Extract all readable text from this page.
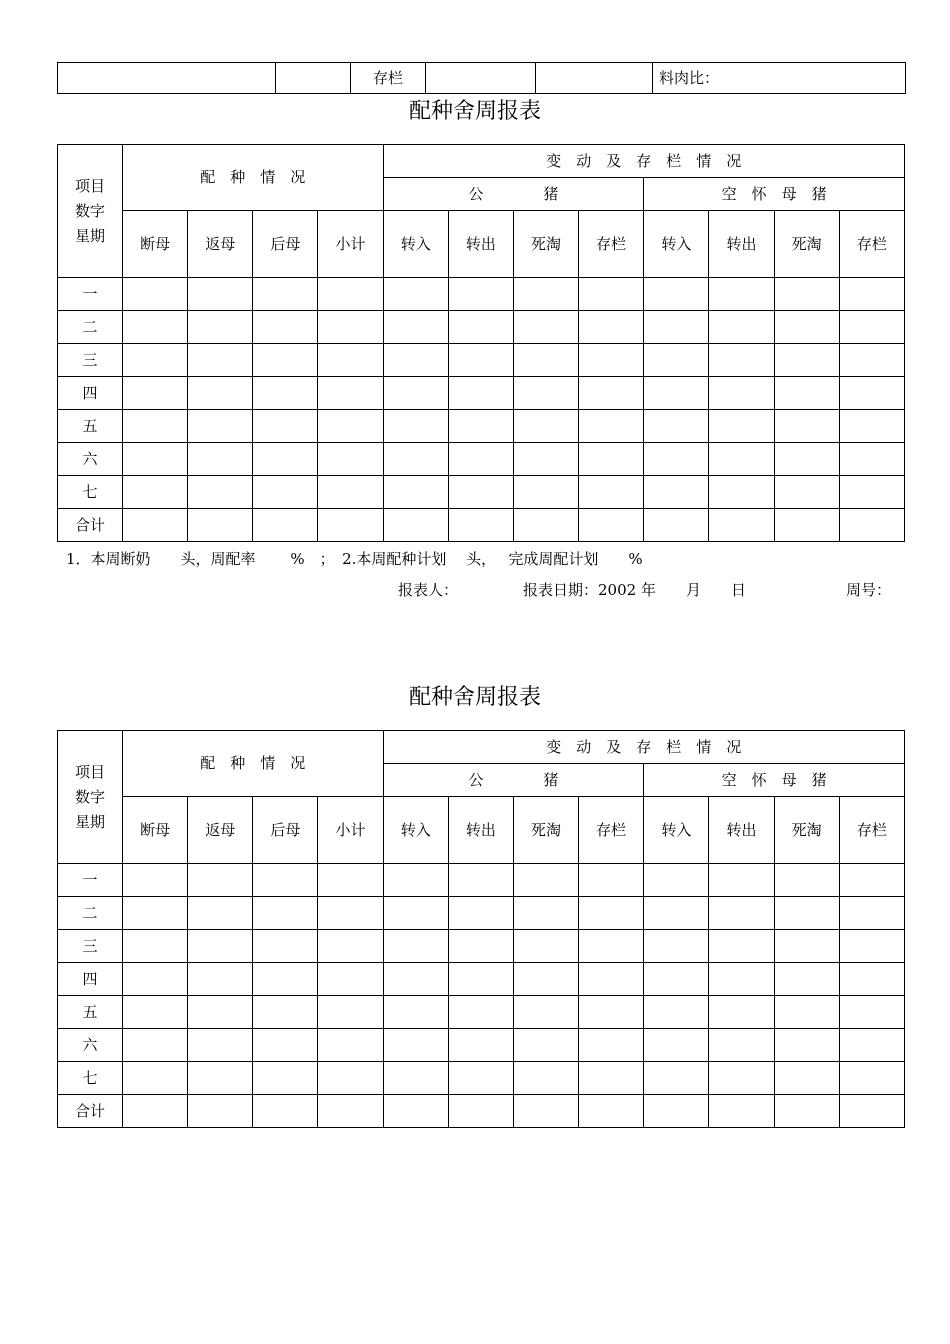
		存栏			料肉比：
配种舍周报表
项目
数字
星期	配　种　情　况				变　动　及　存　栏　情　况							
					公　　　　猪				空　怀　母　猪			
	断母	返母	后母	小计	转入	转出	死淘	存栏	转入	转出	死淘	存栏
一												
二												
三												
四												
五												
六												
七												
合计												
1．本周断奶　　头，周配率　　 %　；　2.本周配种计划　 头，　 完成周配计划　　%
报表人：	报表日期：2002 年　　月　　日	周号：
配种舍周报表
项目
数字
星期	配　种　情　况				变　动　及　存　栏　情　况							
					公　　　　猪				空　怀　母　猪			
	断母	返母	后母	小计	转入	转出	死淘	存栏	转入	转出	死淘	存栏
一												
二												
三												
四												
五												
六												
七												
合计												
